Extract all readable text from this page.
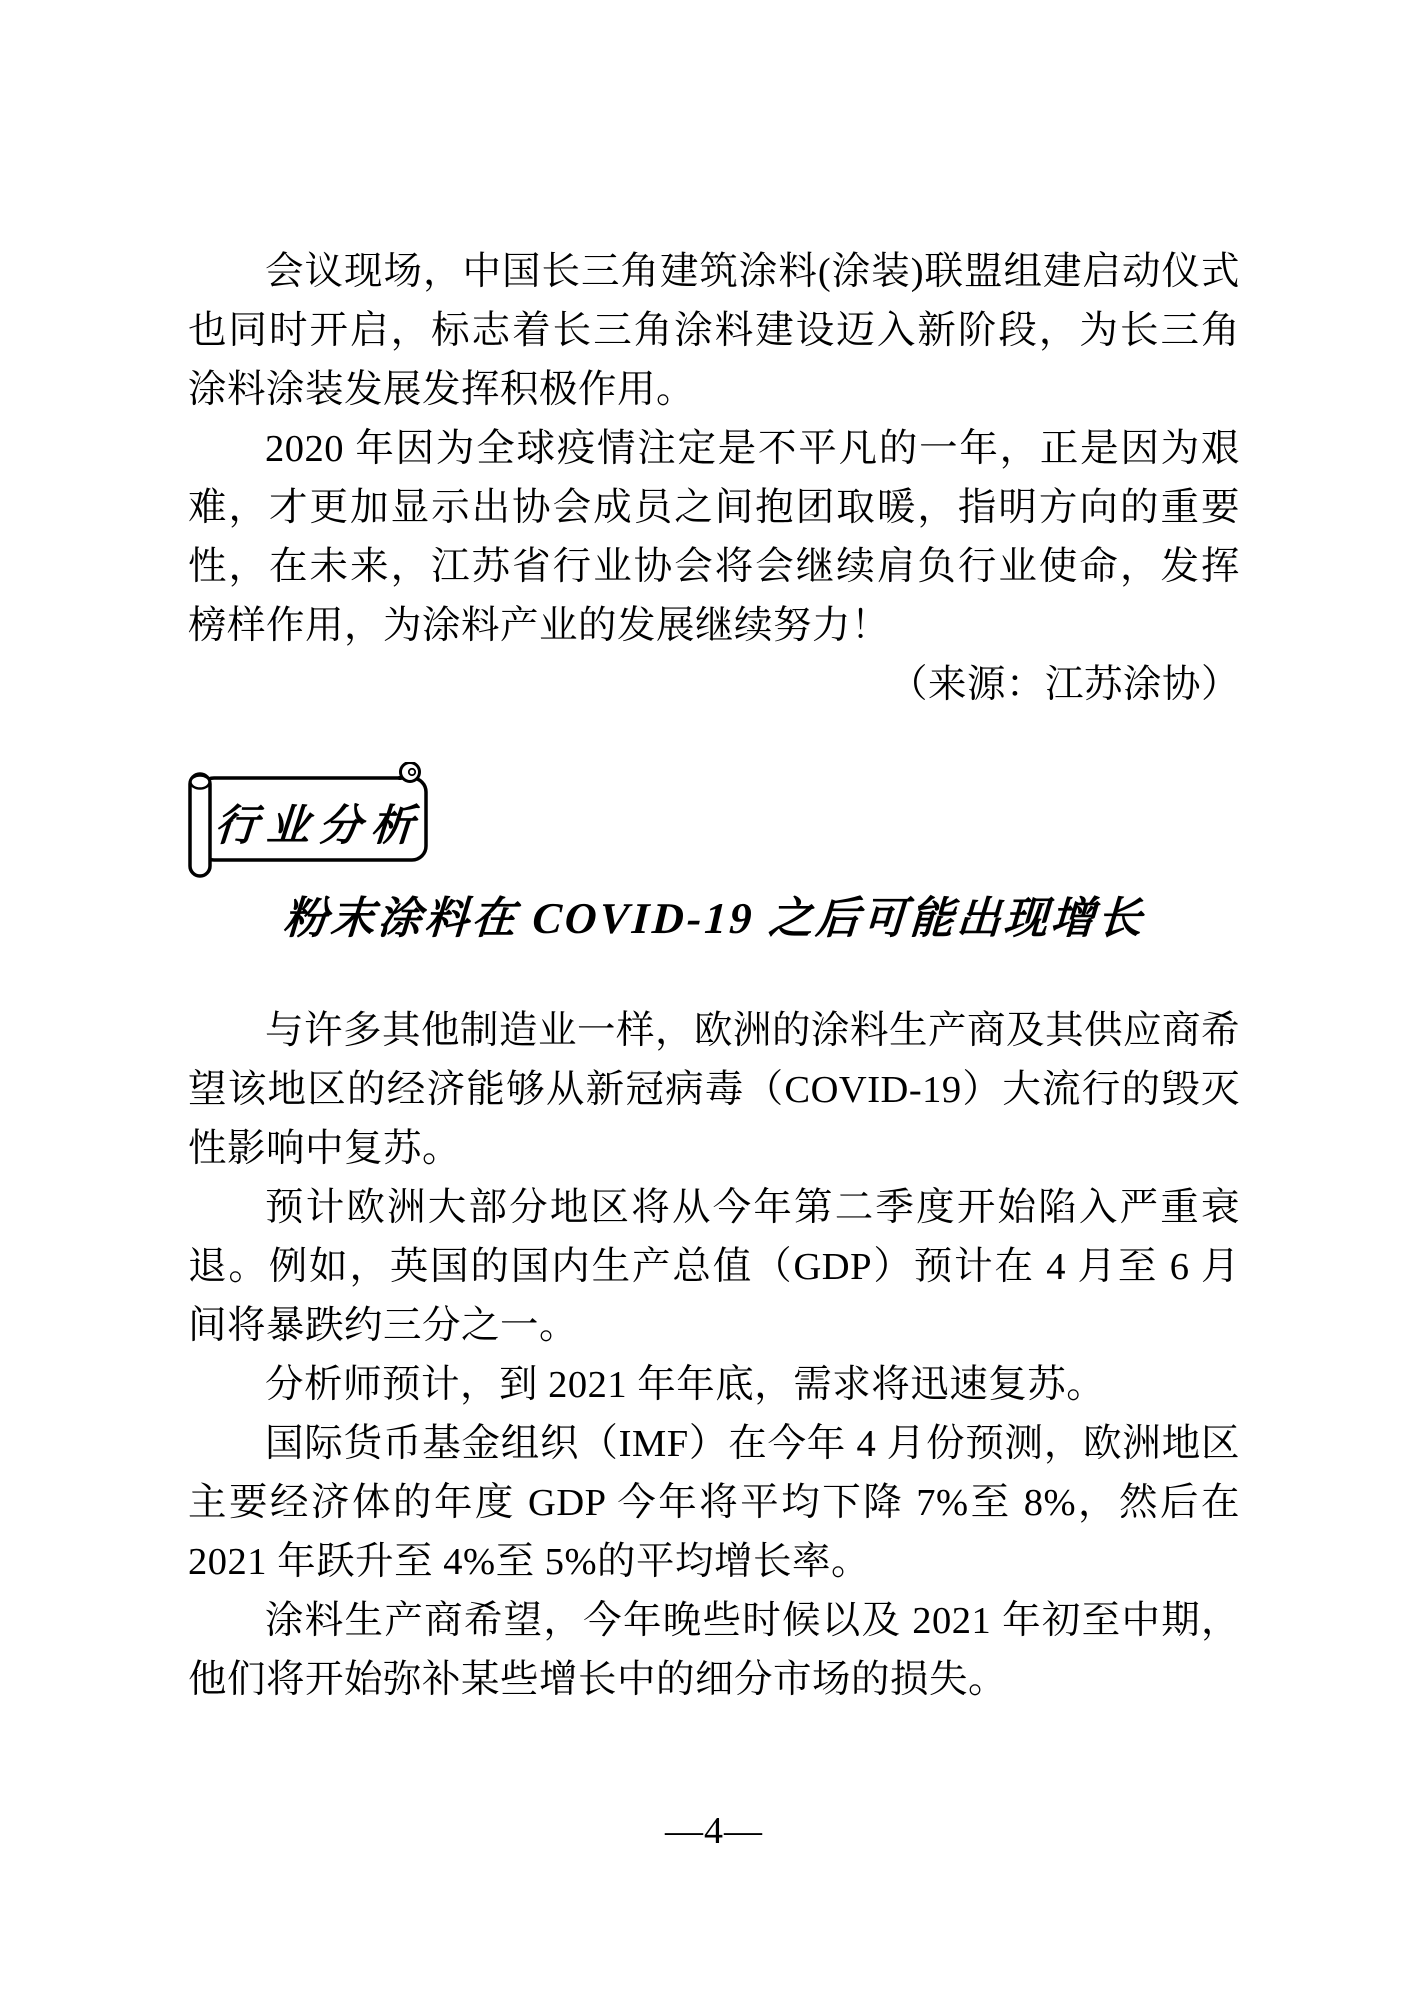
会议现场，中国长三角建筑涂料(涂装)联盟组建启动仪式也同时开启，标志着长三角涂料建设迈入新阶段，为长三角涂料涂装发展发挥积极作用。

2020 年因为全球疫情注定是不平凡的一年，正是因为艰难，才更加显示出协会成员之间抱团取暖，指明方向的重要性，在未来，江苏省行业协会将会继续肩负行业使命，发挥榜样作用，为涂料产业的发展继续努力！

（来源：江苏涂协）

行业分析
粉末涂料在 COVID-19 之后可能出现增长

与许多其他制造业一样，欧洲的涂料生产商及其供应商希望该地区的经济能够从新冠病毒（COVID-19）大流行的毁灭性影响中复苏。

预计欧洲大部分地区将从今年第二季度开始陷入严重衰退。例如，英国的国内生产总值（GDP）预计在 4 月至 6 月间将暴跌约三分之一。

分析师预计，到 2021 年年底，需求将迅速复苏。

国际货币基金组织（IMF）在今年 4 月份预测，欧洲地区主要经济体的年度 GDP 今年将平均下降 7%至 8%，然后在 2021 年跃升至 4%至 5%的平均增长率。

涂料生产商希望，今年晚些时候以及 2021 年初至中期，他们将开始弥补某些增长中的细分市场的损失。

—4—
